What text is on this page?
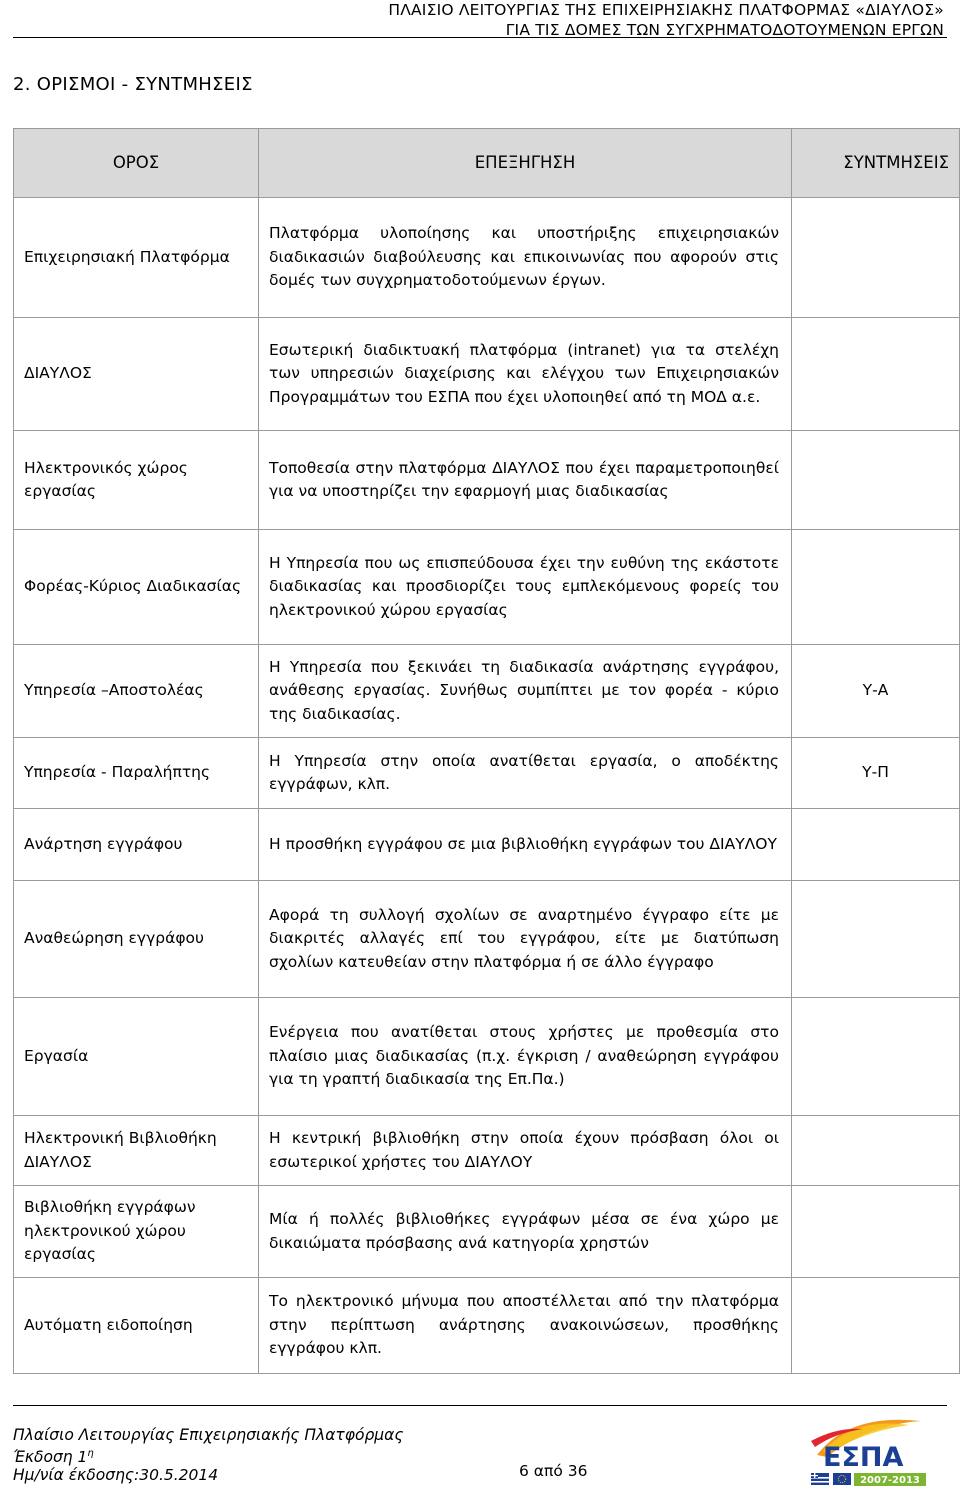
ΠΛΑΙΣΙΟ ΛΕΙΤΟΥΡΓΙΑΣ ΤΗΣ ΕΠΙΧΕΙΡΗΣΙΑΚΗΣ ΠΛΑΤΦΟΡΜΑΣ «ΔΙΑΥΛΟΣ»
ΓΙΑ ΤΙΣ ΔΟΜΕΣ ΤΩΝ ΣΥΓΧΡΗΜΑΤΟΔΟΤΟΥΜΕΝΩΝ ΕΡΓΩΝ
2. ΟΡΙΣΜΟΙ - ΣΥΝΤΜΗΣΕΙΣ
ΟΡΟΣ	ΕΠΕΞΗΓΗΣΗ	ΣΥΝΤΜΗΣΕΙΣ
Επιχειρησιακή Πλατφόρμα	Πλατφόρμα υλοποίησης και υποστήριξης επιχειρησιακών διαδικασιών διαβούλευσης και επικοινωνίας που αφορούν στις δομές των συγχρηματοδοτούμενων έργων.	
ΔΙΑΥΛΟΣ	Εσωτερική διαδικτυακή πλατφόρμα (intranet) για τα στελέχη των υπηρεσιών διαχείρισης και ελέγχου των Επιχειρησιακών Προγραμμάτων του ΕΣΠΑ που έχει υλοποιηθεί από τη ΜΟΔ α.ε.	
Ηλεκτρονικός χώρος εργασίας	Τοποθεσία στην πλατφόρμα ΔΙΑΥΛΟΣ που έχει παραμετροποιηθεί για να υποστηρίζει την εφαρμογή μιας διαδικασίας	
Φορέας-Κύριος Διαδικασίας	Η Υπηρεσία που ως επισπεύδουσα έχει την ευθύνη της εκάστοτε διαδικασίας και προσδιορίζει τους εμπλεκόμενους φορείς του ηλεκτρονικού χώρου εργασίας	
Υπηρεσία –Αποστολέας	Η Υπηρεσία που ξεκινάει τη διαδικασία ανάρτησης εγγράφου, ανάθεσης εργασίας. Συνήθως συμπίπτει με τον φορέα - κύριο της διαδικασίας.	Υ-Α
Υπηρεσία - Παραλήπτης	Η Υπηρεσία στην οποία ανατίθεται εργασία, ο αποδέκτης εγγράφων, κλπ.	Υ-Π
Ανάρτηση εγγράφου	Η προσθήκη εγγράφου σε μια βιβλιοθήκη εγγράφων του ΔΙΑΥΛΟΥ	
Αναθεώρηση εγγράφου	Αφορά τη συλλογή σχολίων σε αναρτημένο έγγραφο είτε με διακριτές αλλαγές επί του εγγράφου, είτε με διατύπωση σχολίων κατευθείαν στην πλατφόρμα ή σε άλλο έγγραφο	
Εργασία	Ενέργεια που ανατίθεται στους χρήστες με προθεσμία στο πλαίσιο μιας διαδικασίας (π.χ. έγκριση / αναθεώρηση εγγράφου για τη γραπτή διαδικασία της Επ.Πα.)	
Ηλεκτρονική Βιβλιοθήκη ΔΙΑΥΛΟΣ	Η κεντρική βιβλιοθήκη στην οποία έχουν πρόσβαση όλοι οι εσωτερικοί χρήστες του ΔΙΑΥΛΟΥ	
Βιβλιοθήκη εγγράφων ηλεκτρονικού χώρου εργασίας	Μία ή πολλές βιβλιοθήκες εγγράφων μέσα σε ένα χώρο με δικαιώματα πρόσβασης ανά κατηγορία χρηστών	
Αυτόματη ειδοποίηση	Το ηλεκτρονικό μήνυμα που αποστέλλεται από την πλατφόρμα στην περίπτωση ανάρτησης ανακοινώσεων, προσθήκης εγγράφου κλπ.	
Πλαίσιο Λειτουργίας Επιχειρησιακής Πλατφόρμας
Έκδοση $1^\eta$
Ημ/νία έκδοσης:30.5.2014	6 από 36	ΕΣΠΑ
2007-2013
